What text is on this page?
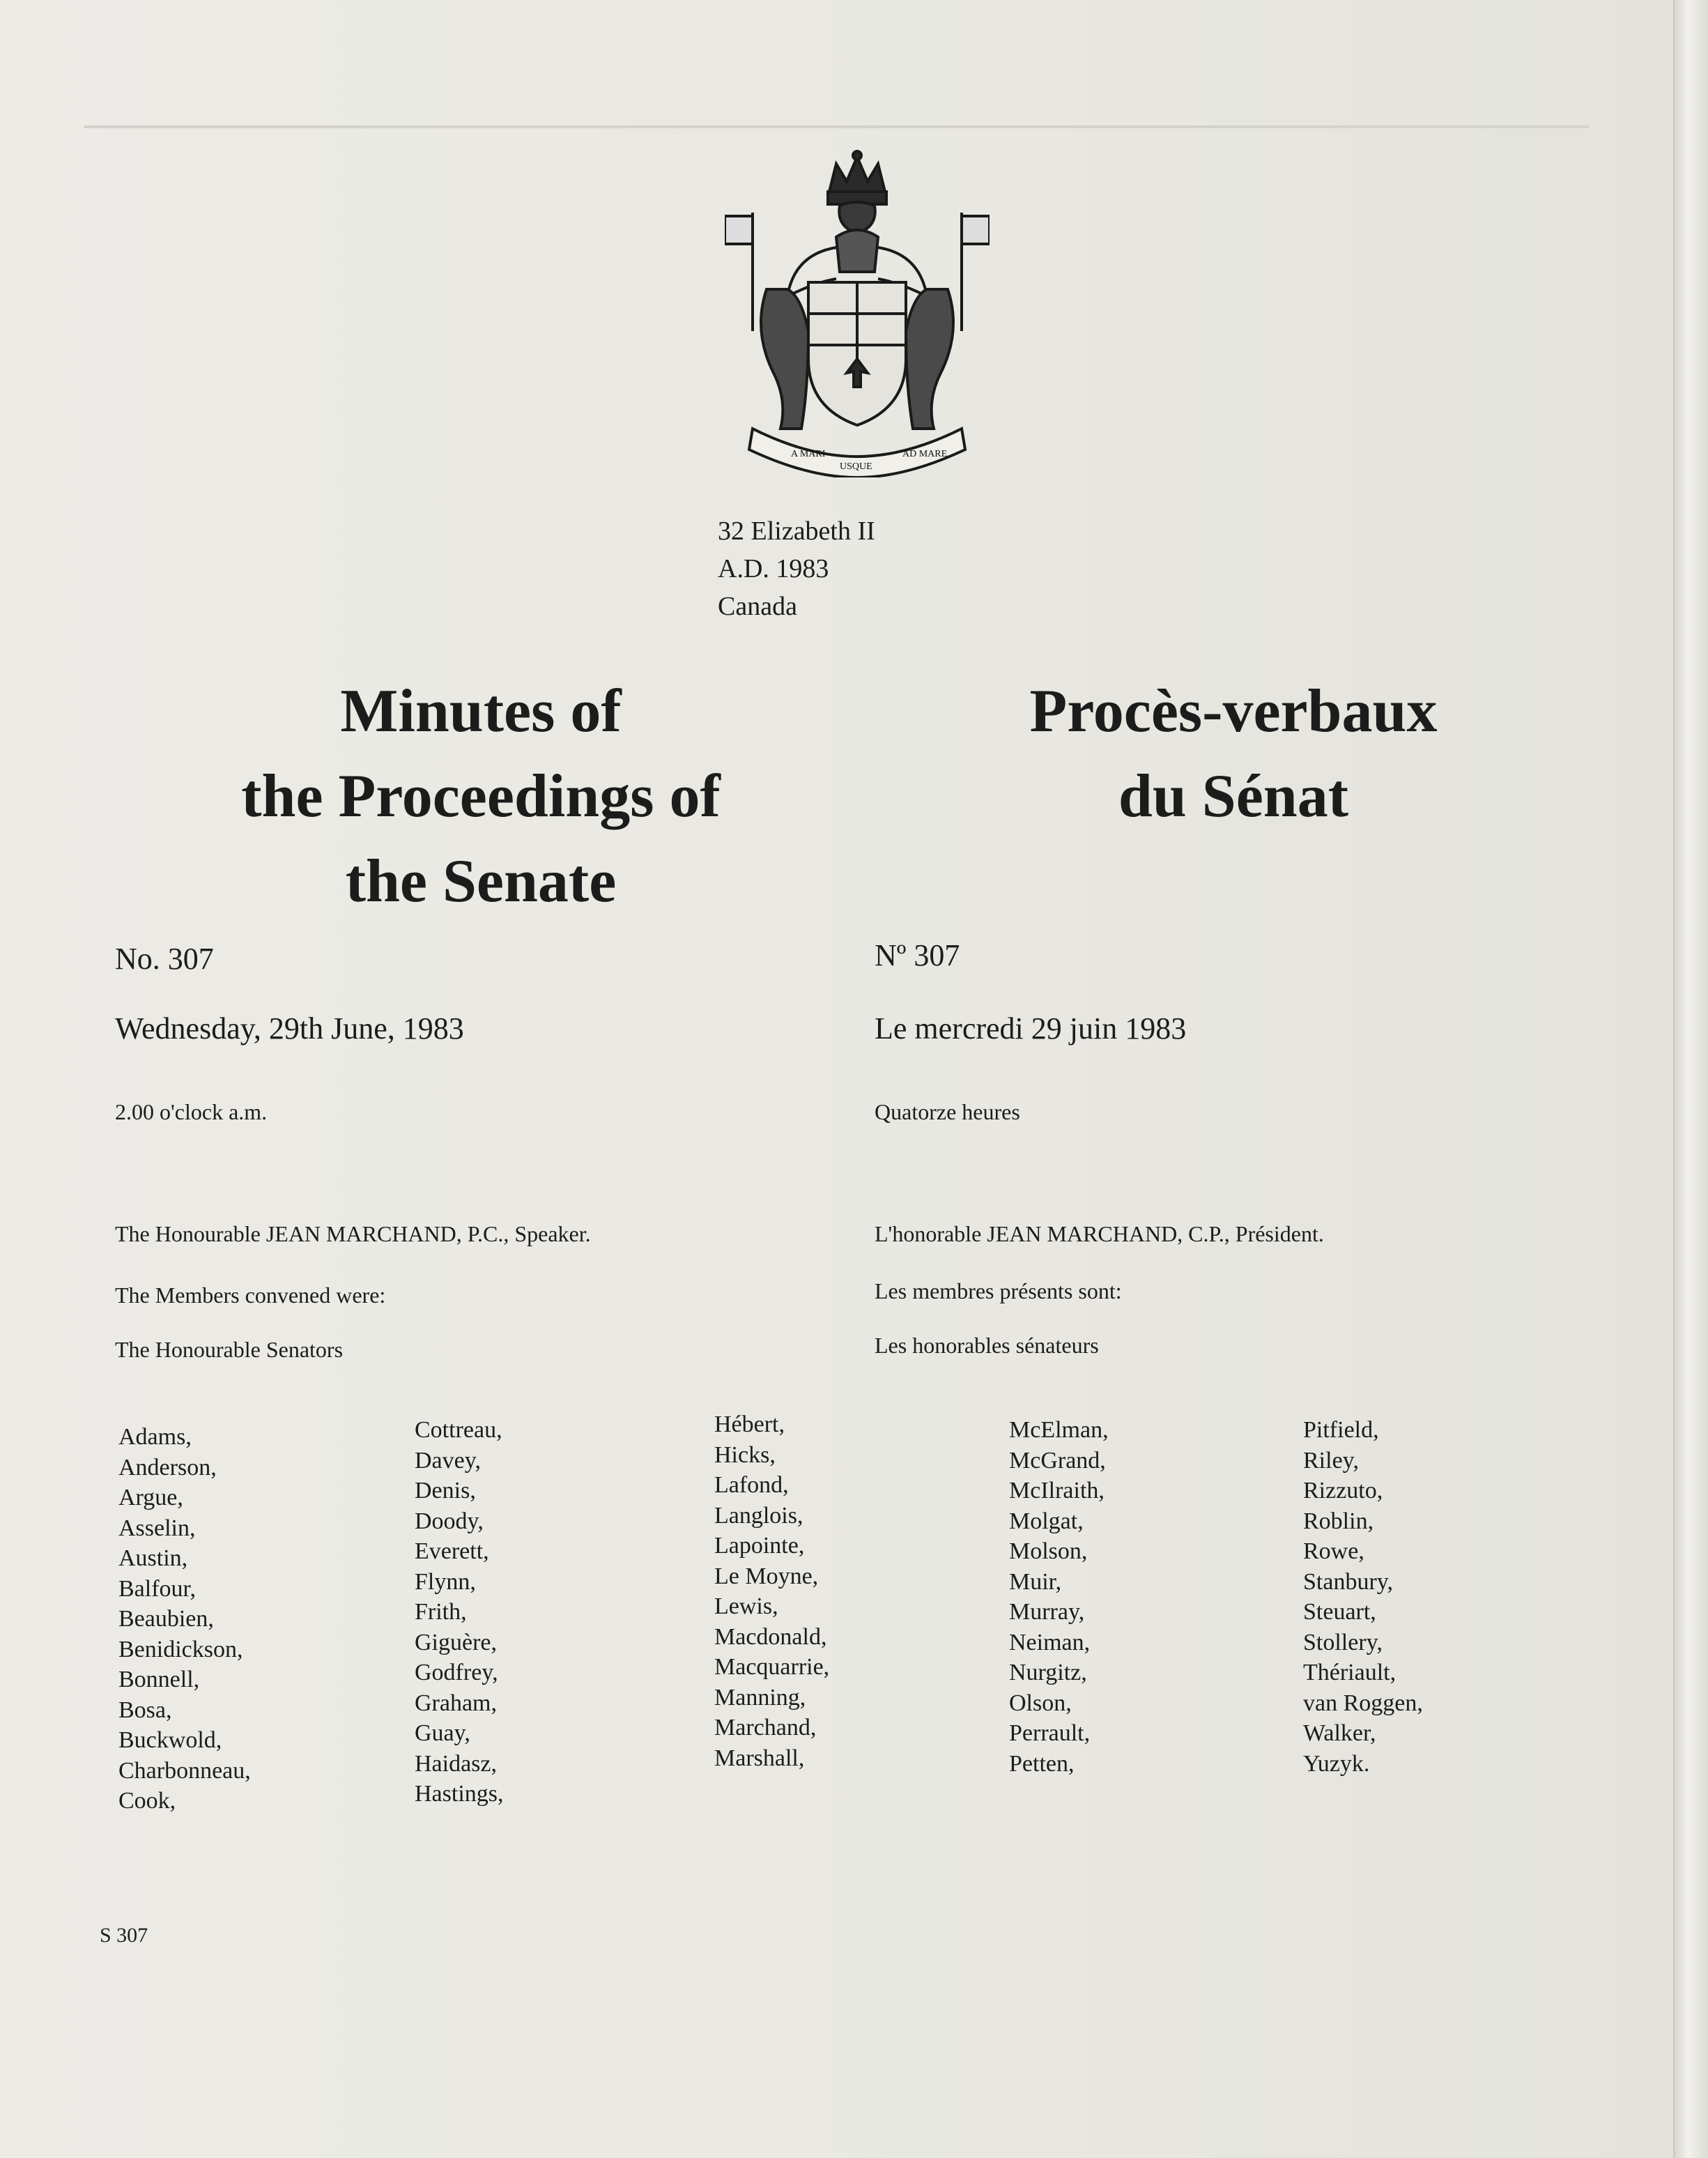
A MARI	AD MARE
USQUE
32 Elizabeth II
A.D. 1983
Canada
Minutes of
the Proceedings of
the Senate
Procès-verbaux
du Sénat
No. 307	Nº 307
Wednesday, 29th June, 1983	Le mercredi 29 juin 1983
2.00 o'clock a.m.	Quatorze heures
The Honourable JEAN MARCHAND, P.C., Speaker.	L'honorable JEAN MARCHAND, C.P., Président.
The Members convened were:	Les membres présents sont:
The Honourable Senators	Les honorables sénateurs
Adams,
Anderson,
Argue,
Asselin,
Austin,
Balfour,
Beaubien,
Benidickson,
Bonnell,
Bosa,
Buckwold,
Charbonneau,
Cook,
Cottreau,
Davey,
Denis,
Doody,
Everett,
Flynn,
Frith,
Giguère,
Godfrey,
Graham,
Guay,
Haidasz,
Hastings,
Hébert,
Hicks,
Lafond,
Langlois,
Lapointe,
Le Moyne,
Lewis,
Macdonald,
Macquarrie,
Manning,
Marchand,
Marshall,
McElman,
McGrand,
McIlraith,
Molgat,
Molson,
Muir,
Murray,
Neiman,
Nurgitz,
Olson,
Perrault,
Petten,
Pitfield,
Riley,
Rizzuto,
Roblin,
Rowe,
Stanbury,
Steuart,
Stollery,
Thériault,
van Roggen,
Walker,
Yuzyk.
S 307
